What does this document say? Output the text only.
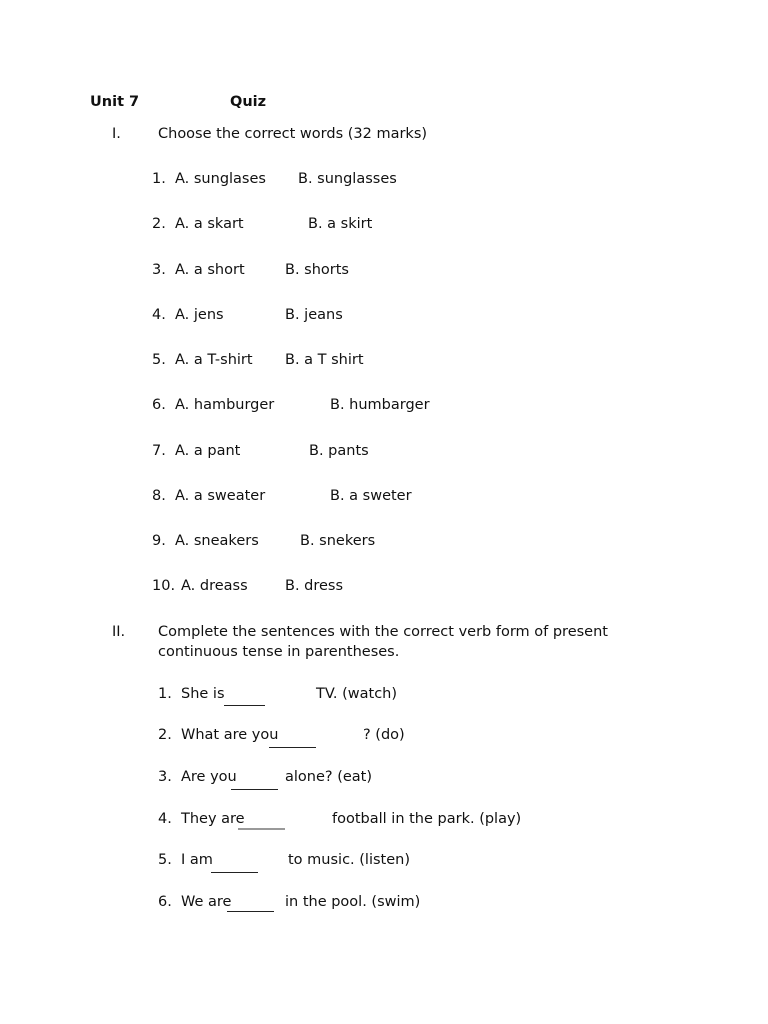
Unit 7	Quiz
I.	Choose the correct words (32 marks)
1. A. sunglases B. sunglasses
2. A. a skart	B. a skirt
3. A. a short	B. shorts
4. A. jens	B. jeans
5. A. a T-shirt B. a T shirt
6. A. hamburger	B. humbarger
7. A. a pant	B. pants
8. A. a sweater	B. a sweter
9. A. sneakers	B. snekers
10. A. dreass	B. dress
II. Complete the sentences with the correct verb form of present
continuous tense in parentheses.
1. She is	TV. (watch)
2. What are you	? (do)
3. Are you	alone? (eat)
4. They are	football in the park. (play)
5. I am	to music. (listen)
6. We are	in the pool. (swim)
